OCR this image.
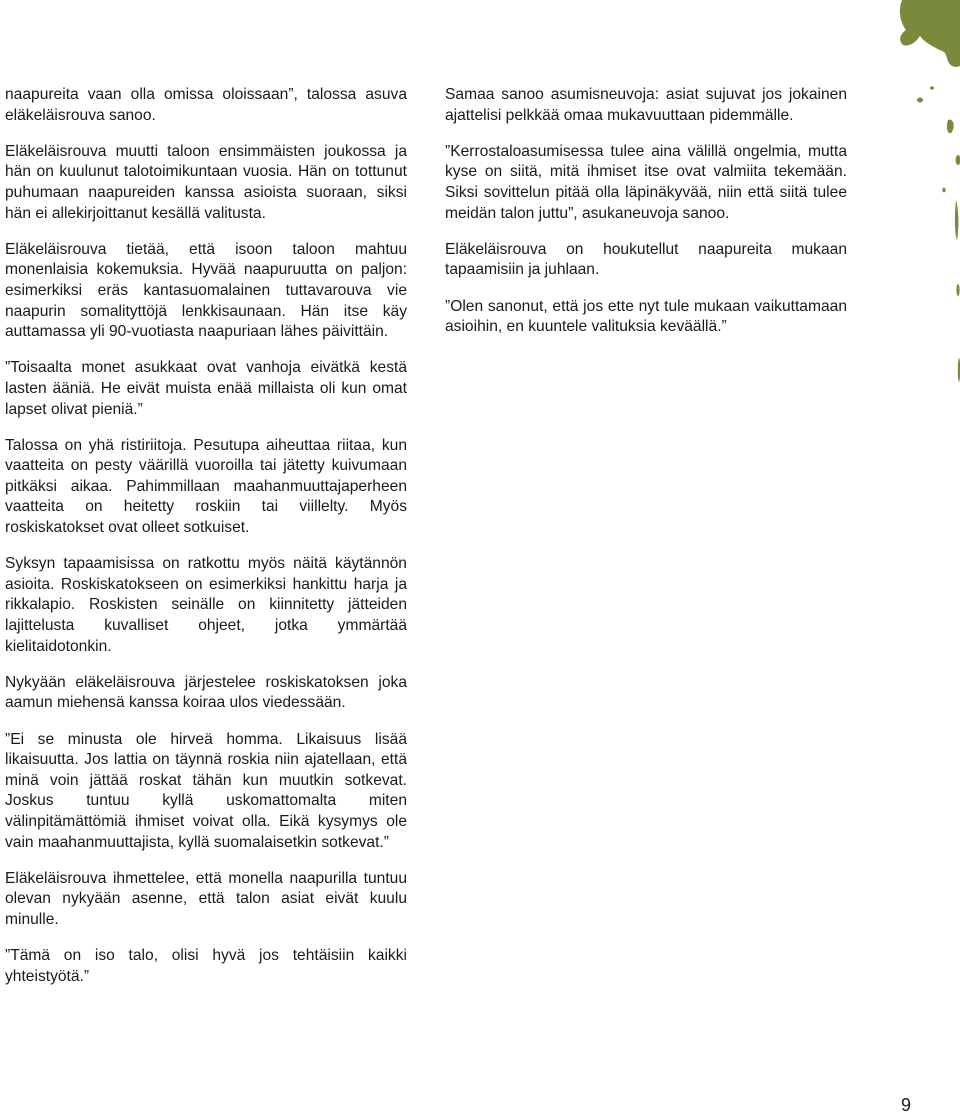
naapureita vaan olla omissa oloissaan”, talossa asuva eläkeläisrouva sanoo.

Eläkeläisrouva muutti taloon ensimmäisten joukossa ja hän on kuulunut talotoimikuntaan vuosia. Hän on tottunut puhumaan naapureiden kanssa asioista suoraan, siksi hän ei allekirjoittanut kesällä valitusta.

Eläkeläisrouva tietää, että isoon taloon mahtuu monenlaisia kokemuksia. Hyvää naapuruutta on paljon: esimerkiksi eräs kantasuomalainen tuttavarouva vie naapurin somalityttöjä lenkkisaunaan. Hän itse käy auttamassa yli 90-vuotiasta naapuriaan lähes päivittäin.

”Toisaalta monet asukkaat ovat vanhoja eivätkä kestä lasten ääniä. He eivät muista enää millaista oli kun omat lapset olivat pieniä.”

Talossa on yhä ristiriitoja. Pesutupa aiheuttaa riitaa, kun vaatteita on pesty väärillä vuoroilla tai jätetty kuivumaan pitkäksi aikaa. Pahimmillaan maahanmuuttajaperheen vaatteita on heitetty roskiin tai viillelty. Myös roskiskatokset ovat olleet sotkuiset.

Syksyn tapaamisissa on ratkottu myös näitä käytännön asioita. Roskiskatokseen on esimerkiksi hankittu harja ja rikkalapio. Roskisten seinälle on kiinnitetty jätteiden lajittelusta kuvalliset ohjeet, jotka ymmärtää kielitaidotonkin.

Nykyään eläkeläisrouva järjestelee roskiskatoksen joka aamun miehensä kanssa koiraa ulos viedessään.

”Ei se minusta ole hirveä homma. Likaisuus lisää likaisuutta. Jos lattia on täynnä roskia niin ajatellaan, että minä voin jättää roskat tähän kun muutkin sotkevat. Joskus tuntuu kyllä uskomattomalta miten välinpitämättömiä ihmiset voivat olla. Eikä kysymys ole vain maahanmuuttajista, kyllä suomalaisetkin sotkevat.”

Eläkeläisrouva ihmettelee, että monella naapurilla tuntuu olevan nykyään asenne, että talon asiat eivät kuulu minulle.

”Tämä on iso talo, olisi hyvä jos tehtäisiin kaikki yhteistyötä.”

Samaa sanoo asumisneuvoja: asiat sujuvat jos jokainen ajattelisi pelkkää omaa mukavuuttaan pidemmälle.

”Kerrostaloasumisessa tulee aina välillä ongelmia, mutta kyse on siitä, mitä ihmiset itse ovat valmiita tekemään. Siksi sovittelun pitää olla läpinäkyvää, niin että siitä tulee meidän talon juttu”, asukaneuvoja sanoo.

Eläkeläisrouva on houkutellut naapureita mukaan tapaamisiin ja juhlaan.

”Olen sanonut, että jos ette nyt tule mukaan vaikuttamaan asioihin, en kuuntele valituksia keväällä.”

9
